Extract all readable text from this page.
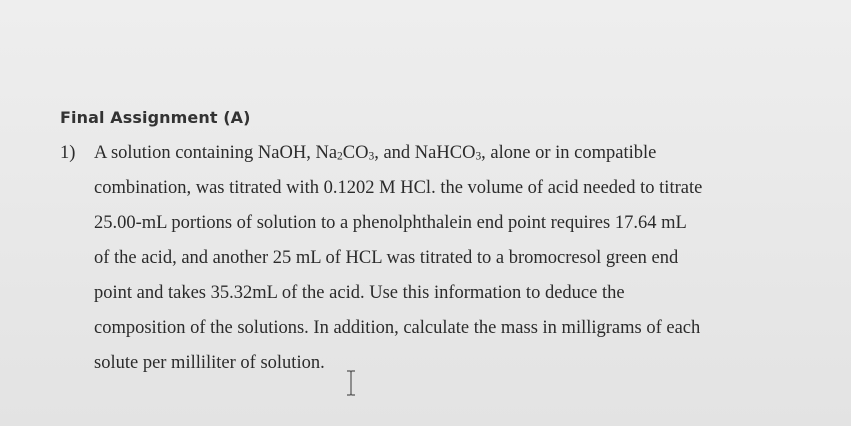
Final Assignment (A)
1) A solution containing NaOH, $Na_2CO_3$, and NaHCO$_3$, alone or in compatible
combination, was titrated with 0.1202 M HCl. the volume of acid needed to titrate
25.00-mL portions of solution to a phenolphthalein end point requires 17.64 mL
of the acid, and another 25 mL of HCL was titrated to a bromocresol green end
point and takes 35.32mL of the acid. Use this information to deduce the
composition of the solutions. In addition, calculate the mass in milligrams of each
solute per milliliter of solution.
